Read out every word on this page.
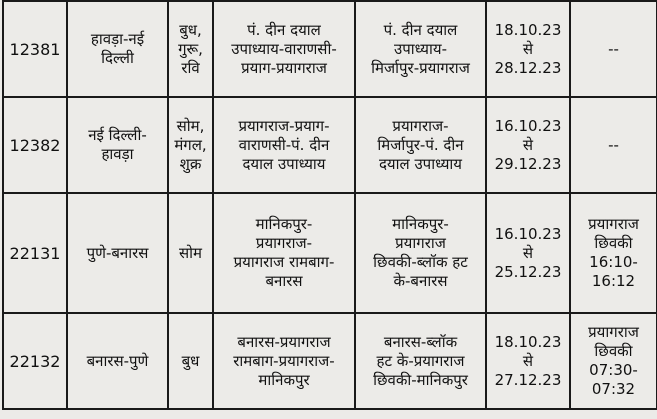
12381	हावड़ा-नई
दिल्ली	बुध,
गुरू,
रवि	पं. दीन दयाल
उपाध्याय-वाराणसी-
प्रयाग-प्रयागराज	पं. दीन दयाल
उपाध्याय-
मिर्जापुर-प्रयागराज	18.10.23
से
28.12.23	--

12382	नई दिल्ली-
हावड़ा	सोम,
मंगल,
शुक्र	प्रयागराज-प्रयाग-
वाराणसी-पं. दीन
दयाल उपाध्याय	प्रयागराज-
मिर्जापुर-पं. दीन
दयाल उपाध्याय	16.10.23
से
29.12.23	--

22131	पुणे-बनारस	सोम	मानिकपुर-
प्रयागराज-
प्रयागराज रामबाग-
बनारस	मानिकपुर-
प्रयागराज
छिवकी-ब्लॉक हट
के-बनारस	16.10.23
से
25.12.23	प्रयागराज
छिवकी
16:10-
16:12

22132	बनारस-पुणे	बुध	बनारस-प्रयागराज
रामबाग-प्रयागराज-
मानिकपुर	बनारस-ब्लॉक
हट के-प्रयागराज
छिवकी-मानिकपुर	18.10.23
से
27.12.23	प्रयागराज
छिवकी
07:30-
07:32
